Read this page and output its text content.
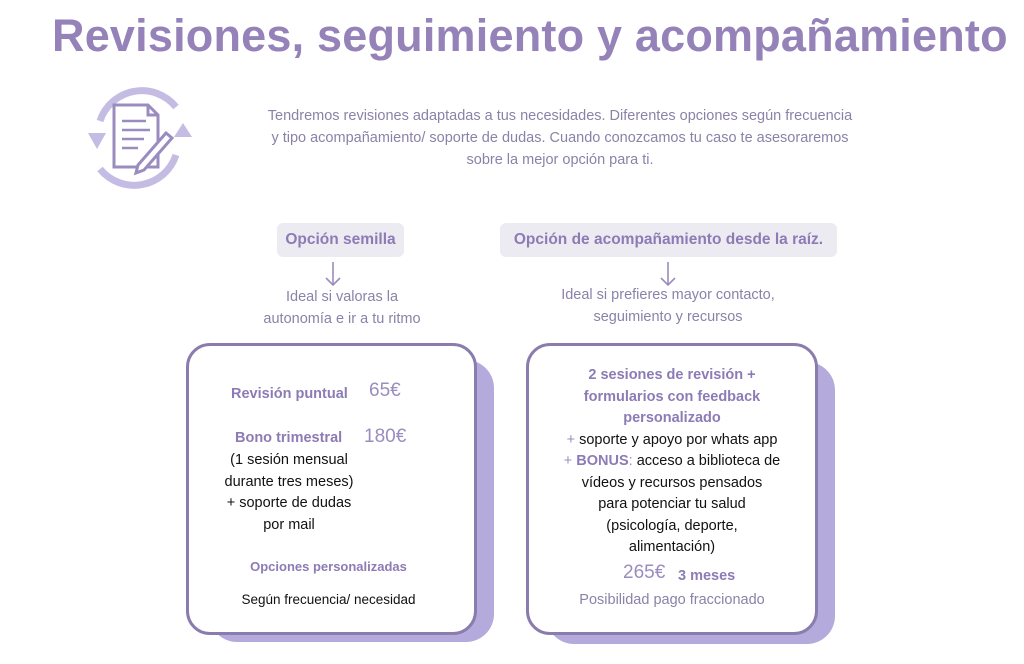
Revisiones, seguimiento y acompañamiento

Tendremos revisiones adaptadas a tus necesidades. Diferentes opciones según frecuencia
y tipo acompañamiento/ soporte de dudas. Cuando conozcamos tu caso te asesoraremos
sobre la mejor opción para ti.

Opción semilla
Ideal si valoras la
autonomía e ir a tu ritmo
Opción de acompañamiento desde la raíz.
Ideal si prefieres mayor contacto,
seguimiento y recursos
Revisión puntual 65€
Bono trimestral 180€
(1 sesión mensual
durante tres meses)
+ soporte de dudas
por mail
Opciones personalizadas
Según frecuencia/ necesidad
2 sesiones de revisión +
formularios con feedback
personalizado
+ soporte y apoyo por whats app
+ BONUS: acceso a biblioteca de
vídeos y recursos pensados
para potenciar tu salud
(psicología, deporte,
alimentación)
265€ 3 meses
Posibilidad pago fraccionado
